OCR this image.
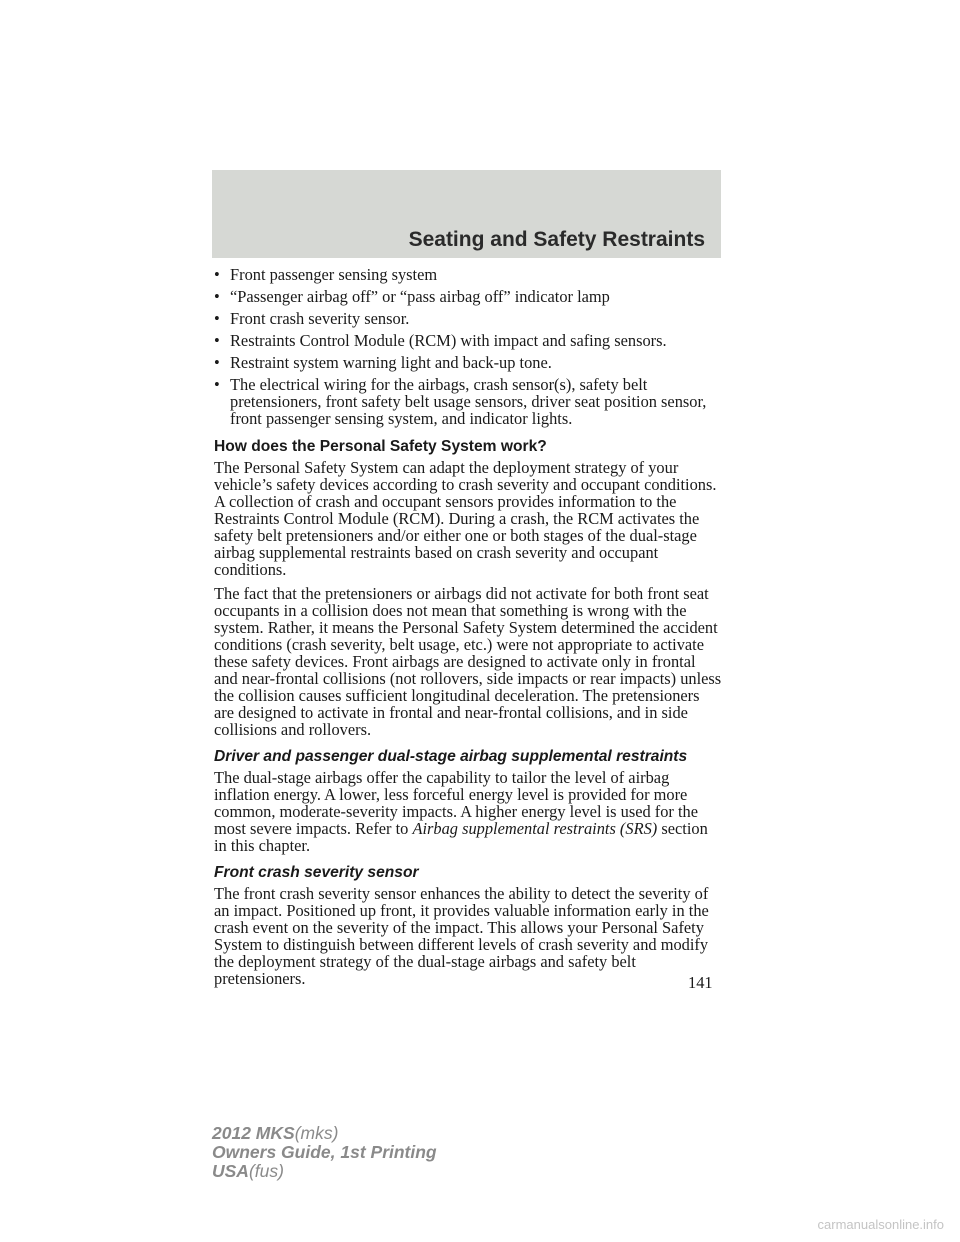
Seating and Safety Restraints
• Front passenger sensing system
• “Passenger airbag off” or “pass airbag off” indicator lamp
• Front crash severity sensor.
• Restraints Control Module (RCM) with impact and safing sensors.
• Restraint system warning light and back-up tone.
• The electrical wiring for the airbags, crash sensor(s), safety belt pretensioners, front safety belt usage sensors, driver seat position sensor, front passenger sensing system, and indicator lights.
How does the Personal Safety System work?

The Personal Safety System can adapt the deployment strategy of your vehicle’s safety devices according to crash severity and occupant conditions. A collection of crash and occupant sensors provides information to the Restraints Control Module (RCM). During a crash, the RCM activates the safety belt pretensioners and/or either one or both stages of the dual-stage airbag supplemental restraints based on crash severity and occupant conditions.

The fact that the pretensioners or airbags did not activate for both front seat occupants in a collision does not mean that something is wrong with the system. Rather, it means the Personal Safety System determined the accident conditions (crash severity, belt usage, etc.) were not appropriate to activate these safety devices. Front airbags are designed to activate only in frontal and near-frontal collisions (not rollovers, side impacts or rear impacts) unless the collision causes sufficient longitudinal deceleration. The pretensioners are designed to activate in frontal and near-frontal collisions, and in side collisions and rollovers.

Driver and passenger dual-stage airbag supplemental restraints

The dual-stage airbags offer the capability to tailor the level of airbag inflation energy. A lower, less forceful energy level is provided for more common, moderate-severity impacts. A higher energy level is used for the most severe impacts. Refer to Airbag supplemental restraints (SRS) section in this chapter.

Front crash severity sensor

The front crash severity sensor enhances the ability to detect the severity of an impact. Positioned up front, it provides valuable information early in the crash event on the severity of the impact. This allows your Personal Safety System to distinguish between different levels of crash severity and modify the deployment strategy of the dual-stage airbags and safety belt pretensioners.	141
2012 MKS(mks)
Owners Guide, 1st Printing
USA(fus)
carmanualsonline.info
